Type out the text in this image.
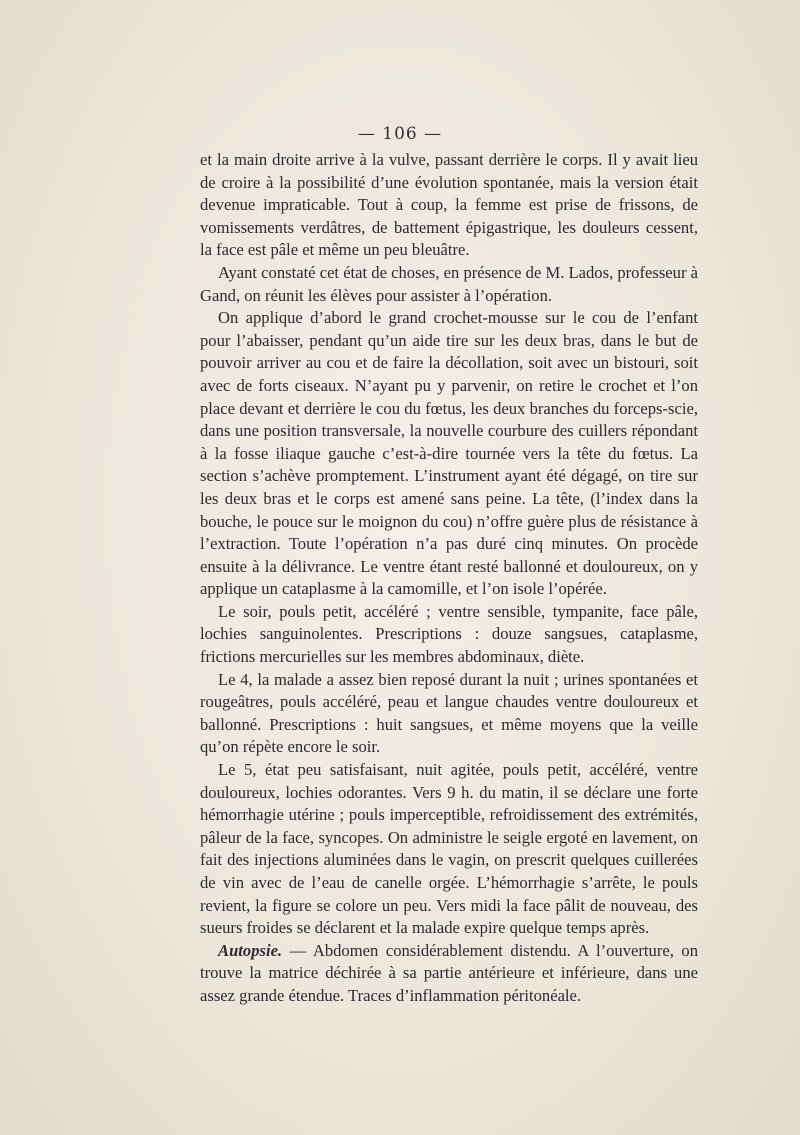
— 106 —

et la main droite arrive à la vulve, passant derrière le corps. Il y avait lieu de croire à la possibilité d’une évolution spontanée, mais la version était devenue impraticable. Tout à coup, la femme est prise de frissons, de vomissements verdâtres, de battement épigastrique, les douleurs cessent, la face est pâle et même un peu bleuâtre.

Ayant constaté cet état de choses, en présence de M. Lados, professeur à Gand, on réunit les élèves pour assister à l’opération.

On applique d’abord le grand crochet-mousse sur le cou de l’enfant pour l’abaisser, pendant qu’un aide tire sur les deux bras, dans le but de pouvoir arriver au cou et de faire la décollation, soit avec un bistouri, soit avec de forts ciseaux. N’ayant pu y parvenir, on retire le crochet et l’on place devant et derrière le cou du fœtus, les deux branches du forceps-scie, dans une position transversale, la nouvelle courbure des cuillers répondant à la fosse iliaque gauche c’est-à-dire tournée vers la tête du fœtus. La section s’achève promptement. L’instrument ayant été dégagé, on tire sur les deux bras et le corps est amené sans peine. La tête, (l’index dans la bouche, le pouce sur le moignon du cou) n’offre guère plus de résistance à l’extraction. Toute l’opération n’a pas duré cinq minutes. On procède ensuite à la délivrance. Le ventre étant resté ballonné et douloureux, on y applique un cataplasme à la camomille, et l’on isole l’opérée.

Le soir, pouls petit, accéléré ; ventre sensible, tympanite, face pâle, lochies sanguinolentes. Prescriptions : douze sangsues, cataplasme, frictions mercurielles sur les membres abdominaux, diète.

Le 4, la malade a assez bien reposé durant la nuit ; urines spontanées et rougeâtres, pouls accéléré, peau et langue chaudes ventre douloureux et ballonné. Prescriptions : huit sangsues, et même moyens que la veille qu’on répète encore le soir.

Le 5, état peu satisfaisant, nuit agitée, pouls petit, accéléré, ventre douloureux, lochies odorantes. Vers 9 h. du matin, il se déclare une forte hémorrhagie utérine ; pouls imperceptible, refroidissement des extrémités, pâleur de la face, syncopes. On administre le seigle ergoté en lavement, on fait des injections aluminées dans le vagin, on prescrit quelques cuillerées de vin avec de l’eau de canelle orgée. L’hémorrhagie s’arrête, le pouls revient, la figure se colore un peu. Vers midi la face pâlit de nouveau, des sueurs froides se déclarent et la malade expire quelque temps après.

Autopsie. — Abdomen considérablement distendu. A l’ouverture, on trouve la matrice déchirée à sa partie antérieure et inférieure, dans une assez grande étendue. Traces d’inflammation péritonéale.
